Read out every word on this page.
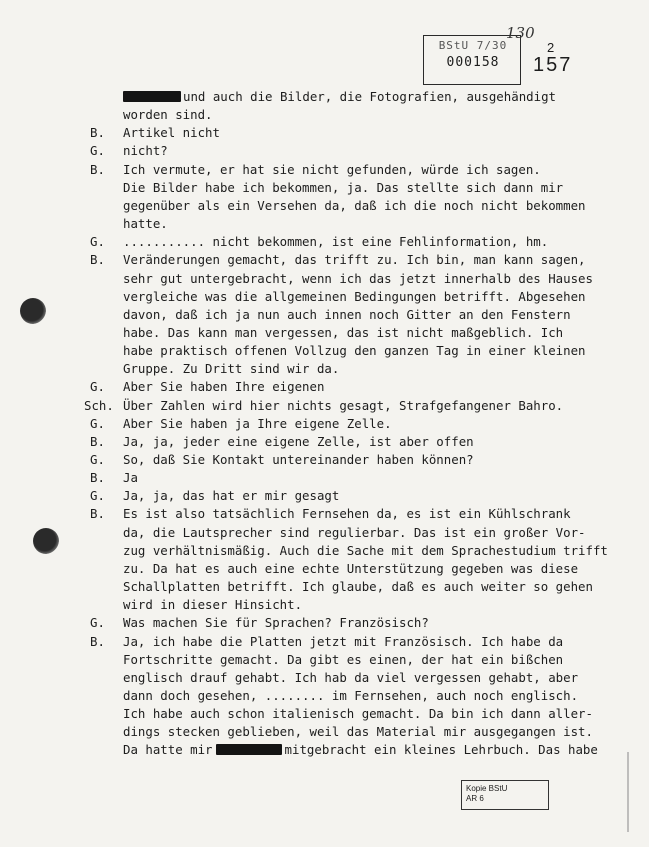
BStU 7/30
000158
130
2
157
und auch die Bilder, die Fotografien, ausgehändigt
worden sind.
B.	Artikel nicht
G.	nicht?
B.	Ich vermute, er hat sie nicht gefunden, würde ich sagen.
Die Bilder habe ich bekommen, ja. Das stellte sich dann mir
gegenüber als ein Versehen da, daß ich die noch nicht bekommen
hatte.
G.	........... nicht bekommen, ist eine Fehlinformation, hm.
B.	Veränderungen gemacht, das trifft zu. Ich bin, man kann sagen,
sehr gut untergebracht, wenn ich das jetzt innerhalb des Hauses
vergleiche was die allgemeinen Bedingungen betrifft. Abgesehen
davon, daß ich ja nun auch innen noch Gitter an den Fenstern
habe. Das kann man vergessen, das ist nicht maßgeblich. Ich
habe praktisch offenen Vollzug den ganzen Tag in einer kleinen
Gruppe. Zu Dritt sind wir da.
G.	Aber Sie haben Ihre eigenen
Sch. Über Zahlen wird hier nichts gesagt, Strafgefangener Bahro.
G.	Aber Sie haben ja Ihre eigene Zelle.
B.	Ja, ja, jeder eine eigene Zelle, ist aber offen
G.	So, daß Sie Kontakt untereinander haben können?
B.	Ja
G.	Ja, ja, das hat er mir gesagt
B.	Es ist also tatsächlich Fernsehen da, es ist ein Kühlschrank
da, die Lautsprecher sind regulierbar. Das ist ein großer Vor-
zug verhältnismäßig. Auch die Sache mit dem Sprachestudium trifft
zu. Da hat es auch eine echte Unterstützung gegeben was diese
Schallplatten betrifft. Ich glaube, daß es auch weiter so gehen
wird in dieser Hinsicht.
G.	Was machen Sie für Sprachen? Französisch?
B.	Ja, ich habe die Platten jetzt mit Französisch. Ich habe da
Fortschritte gemacht. Da gibt es einen, der hat ein bißchen
englisch drauf gehabt. Ich hab da viel vergessen gehabt, aber
dann doch gesehen, ........ im Fernsehen, auch noch englisch.
Ich habe auch schon italienisch gemacht. Da bin ich dann aller-
dings stecken geblieben, weil das Material mir ausgegangen ist.
Da hatte mir	mitgebracht ein kleines Lehrbuch. Das habe
Kopie BStU
AR 6
